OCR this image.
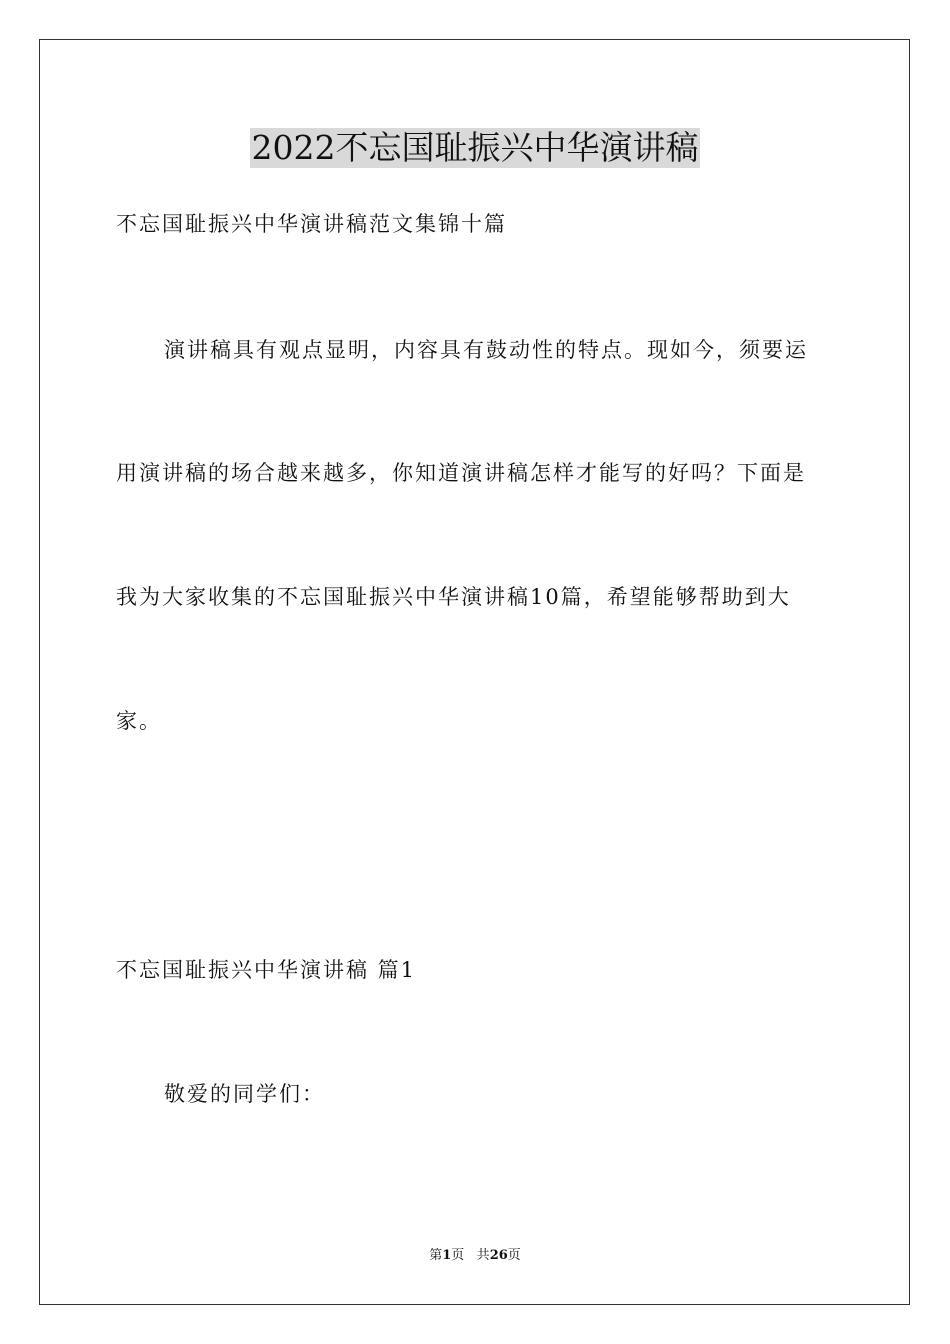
2022不忘国耻振兴中华演讲稿
不忘国耻振兴中华演讲稿范文集锦十篇
演讲稿具有观点显明，内容具有鼓动性的特点。现如今，须要运
用演讲稿的场合越来越多，你知道演讲稿怎样才能写的好吗？下面是
我为大家收集的不忘国耻振兴中华演讲稿10篇，希望能够帮助到大
家。
不忘国耻振兴中华演讲稿 篇1
敬爱的同学们：
第1页 共26页
